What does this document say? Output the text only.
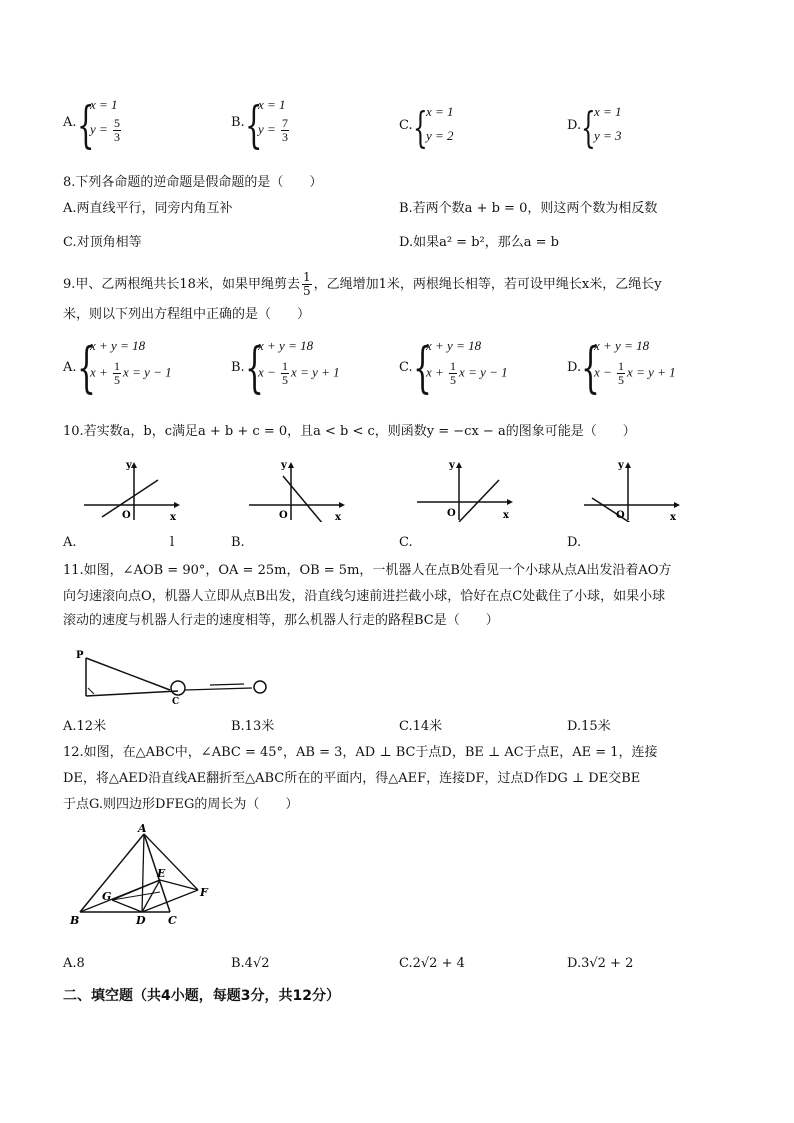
A. {
x = 1
$y = \frac{5}{3}$	B. {
x = 1
$y = \frac{7}{3}$	C. {
x = 1
y = 2
D. {
x = 1
y = 3
8.下列各命题的逆命题是假命题的是（　　）
A.两直线平行，同旁内角互补	B.若两个数a + b = 0，则这两个数为相反数
C.对顶角相等	D.如果a² = b²，那么a = b
9.甲、乙两根绳共长18米，如果甲绳剪去 $\frac{1}{5}$ ，乙绳增加1米，两根绳长相等，若可设甲绳长x米，乙绳长y
米，则以下列出方程组中正确的是（　　）
A. {
x + y = 18
$x + \frac{1}{5}$ x = y − 1	B. {
x + y = 18
$x - \frac{1}{5}$ x = y + 1	C. {
x + y = 18
$x + \frac{1}{5}$ x = y − 1	D. {
x + y = 18
$x - \frac{1}{5}$ x = y + 1
10.若实数a，b，c满足a + b + c = 0，且a < b < c，则函数y = −cx − a的图象可能是（　　）
y
O	x
y
O	x
y
O	x
y
O	x
A.	l	B.	C.	D.
11.如图，∠AOB = 90°，OA = 25m，OB = 5m，一机器人在点B处看见一个小球从点A出发沿着AO方
向匀速滚向点O，机器人立即从点B出发，沿直线匀速前进拦截小球，恰好在点C处截住了小球，如果小球
滚动的速度与机器人行走的速度相等，那么机器人行走的路程BC是（　　）
P
C
A.12米	B.13米	C.14米	D.15米
12.如图，在△ABC中，∠ABC = 45°，AB = 3，AD ⊥ BC于点D，BE ⊥ AC于点E，AE = 1，连接
DE，将△AED沿直线AE翻折至△ABC所在的平面内，得△AEF，连接DF，过点D作DG ⊥ DE交BE
于点G.则四边形DFEG的周长为（　　）
A
B	C
D
E
F
G
A.8	B.4√2	C.2√2 + 4	D.3√2 + 2
二、填空题（共4小题，每题3分，共12分）
